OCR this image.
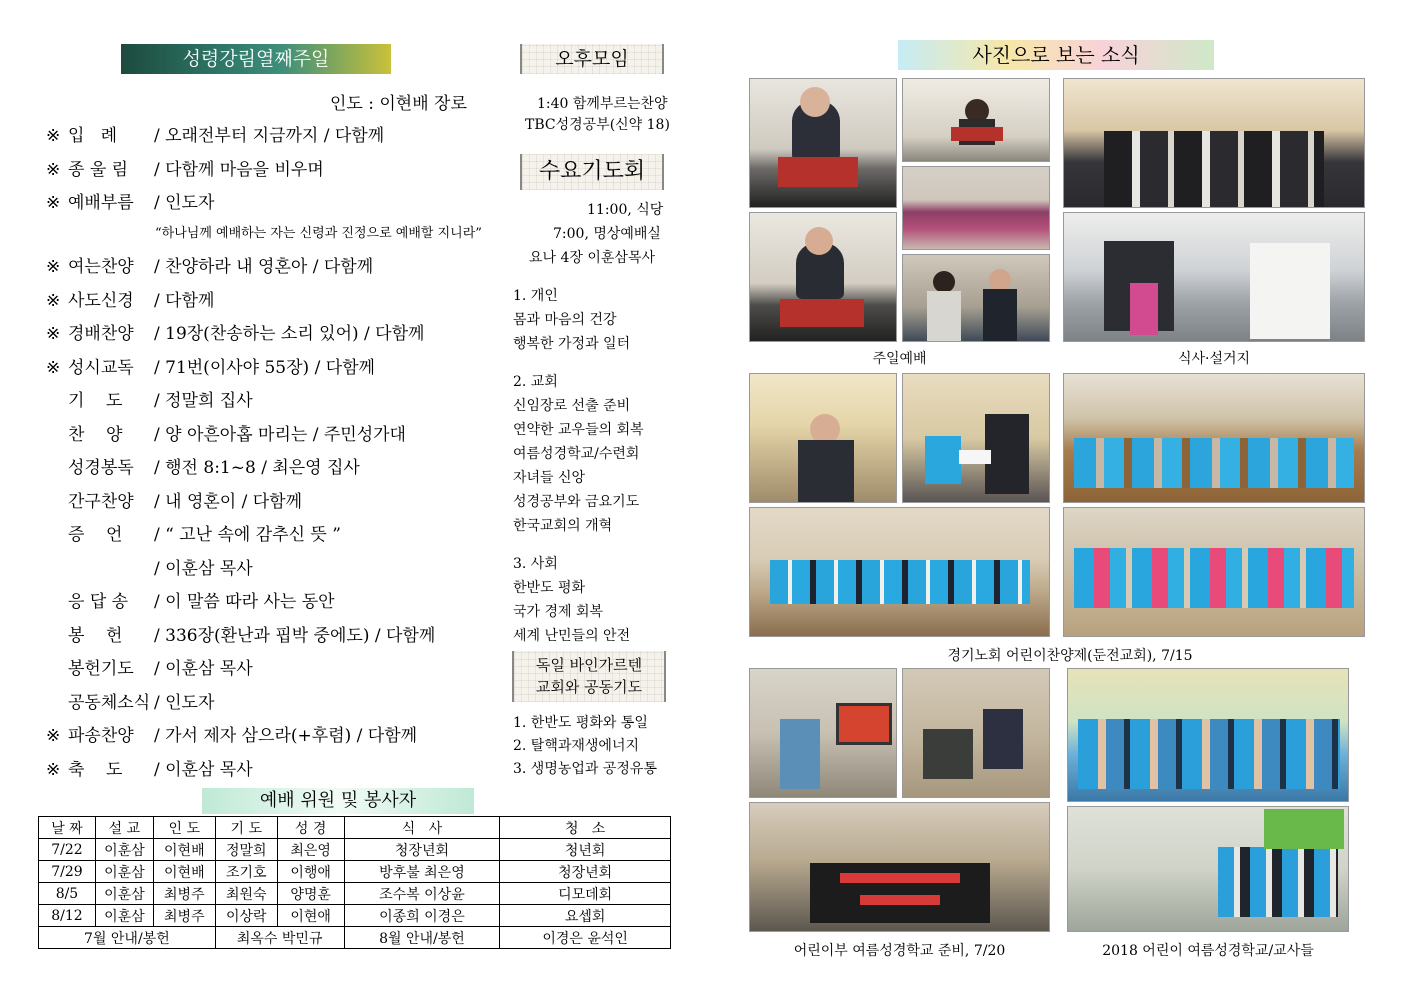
성령강림열째주일
인도 : 이현배 장로
※ 입   례 / 오래전부터 지금까지 / 다함께
※ 종 울 림 / 다함께 마음을 비우며
※ 예배부름 / 인도자
※ 여는찬양 / 찬양하라 내 영혼아 / 다함께
※ 사도신경 / 다함께
※ 경배찬양 / 19장(찬송하는 소리 있어) / 다함께
※ 성시교독 / 71번(이사야 55장) / 다함께
기    도 / 정말희 집사
찬    양 / 양 아흔아홉 마리는 / 주민성가대
성경봉독 / 행전 8:1~8 / 최은영 집사
간구찬양 / 내 영혼이 / 다함께
증    언 / “ 고난 속에 감추신 뜻 ”
/ 이훈삼 목사
응 답 송 / 이 말씀 따라 사는 동안
봉    헌 / 336장(환난과 핍박 중에도) / 다함께
봉헌기도 / 이훈삼 목사
공동체소식 / 인도자
※ 파송찬양 / 가서 제자 삼으라(+후렴) / 다함께
※ 축    도 / 이훈삼 목사
“하나님께 예배하는 자는 신령과 진정으로 예배할 지니라”
예배 위원 및 봉사자
날 짜	설 교	인 도	기 도	성 경	식   사	청   소
7/22	이훈삼	이현배	정말희	최은영	청장년회	청년회
7/29	이훈삼	이현배	조기호	이행애	방후불 최은영	청장년회
8/5	이훈삼	최병주	최원숙	양명훈	조수복 이상윤	디모데회
8/12	이훈삼	최병주	이상락	이현애	이종희 이경은	요셉회
7월 안내/봉헌			최옥수 박민규		8월 안내/봉헌	이경은 윤석인
오후모임
1:40 함께부르는찬양
TBC성경공부(신약 18)
수요기도회
11:00, 식당
7:00, 명상예배실
요나 4장 이훈삼목사
1. 개인
몸과 마음의 건강
행복한 가정과 일터
2. 교회
신임장로 선출 준비
연약한 교우들의 회복
여름성경학교/수련회
자녀들 신앙
성경공부와 금요기도
한국교회의 개혁
3. 사회
한반도 평화
국가 경제 회복
세계 난민들의 안전
독일 바인가르텐
교회와 공동기도
1. 한반도 평화와 통일
2. 탈핵과재생에너지
3. 생명농업과 공정유통
사진으로 보는 소식
주일예배	식사·설거지
경기노회 어린이찬양제(둔전교회), 7/15
어린이부 여름성경학교 준비, 7/20	2018 어린이 여름성경학교/교사들
